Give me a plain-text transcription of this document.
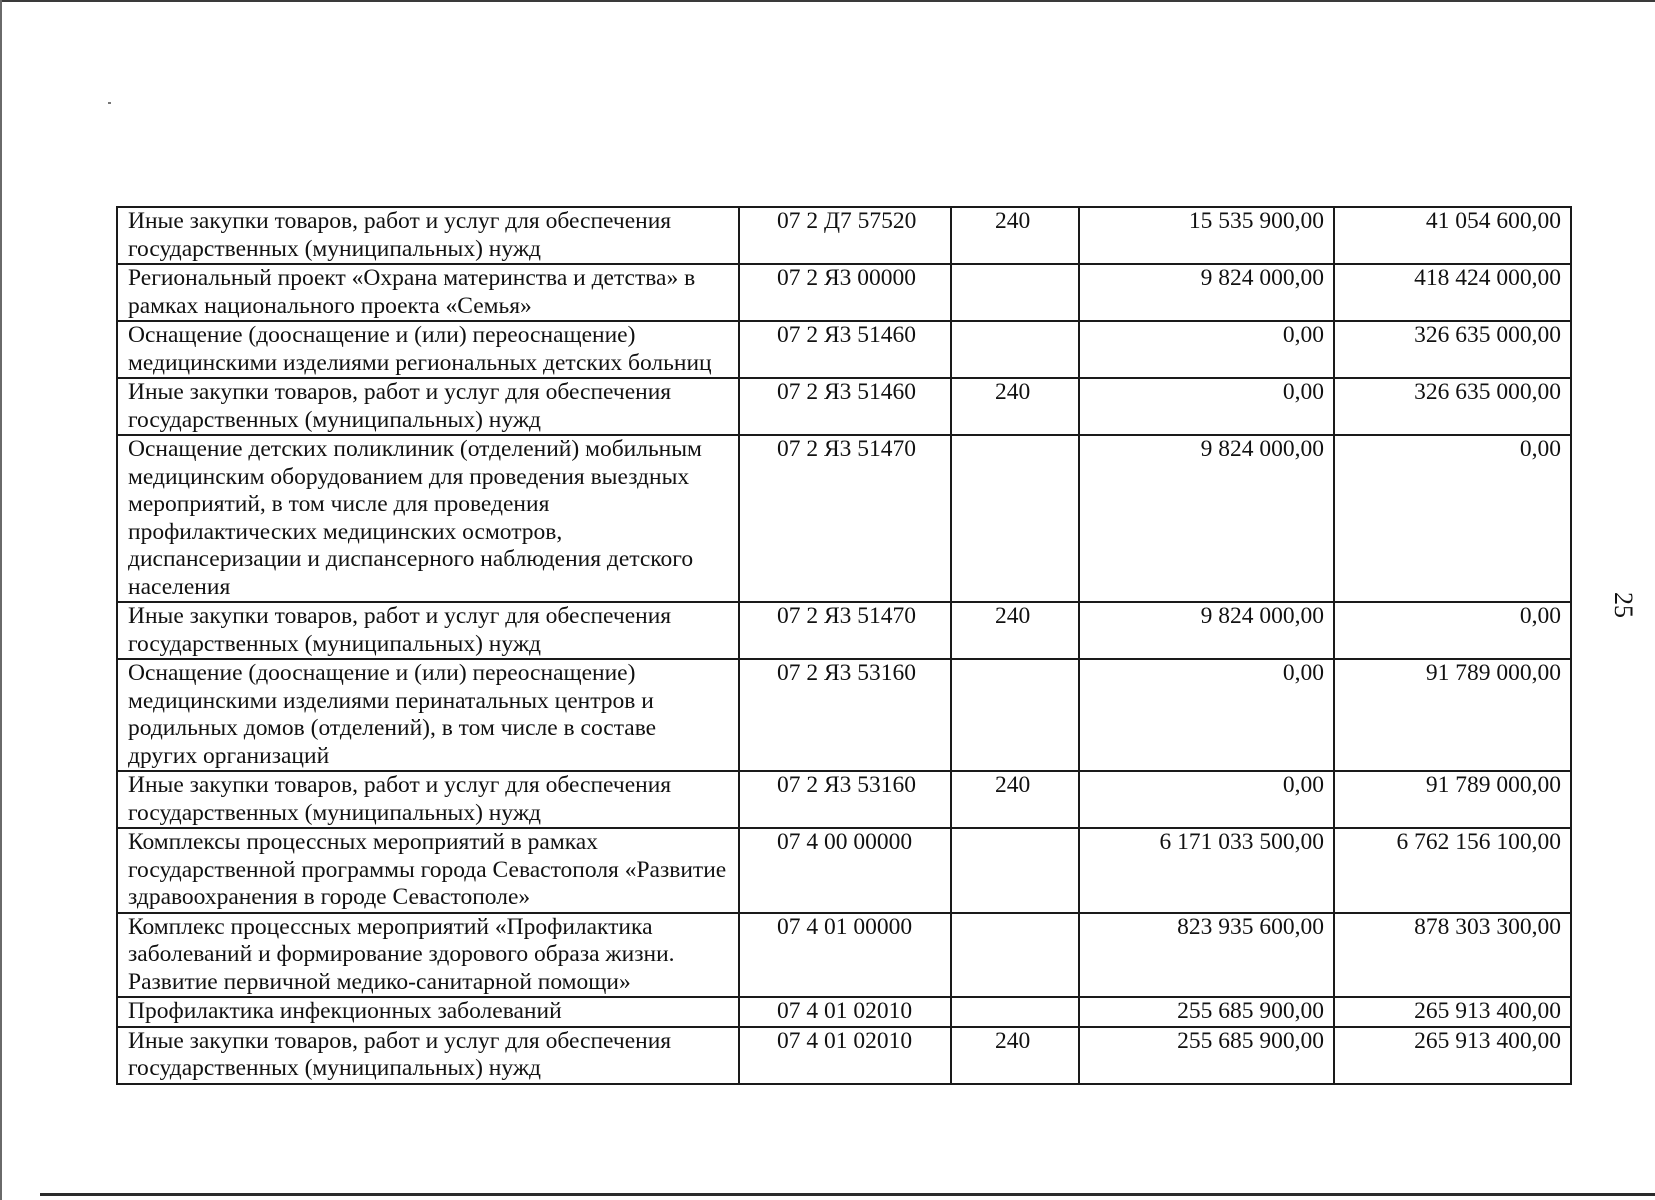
Иные закупки товаров, работ и услуг для обеспечения государственных (муниципальных) нужд	07 2 Д7 57520	240	15 535 900,00	41 054 600,00
Региональный проект «Охрана материнства и детства» в рамках национального проекта «Семья»	07 2 Я3 00000		9 824 000,00	418 424 000,00
Оснащение (дооснащение и (или) переоснащение) медицинскими изделиями региональных детских больниц	07 2 Я3 51460		0,00	326 635 000,00
Иные закупки товаров, работ и услуг для обеспечения государственных (муниципальных) нужд	07 2 Я3 51460	240	0,00	326 635 000,00
Оснащение детских поликлиник (отделений) мобильным медицинским оборудованием для проведения выездных мероприятий, в том числе для проведения профилактических медицинских осмотров, диспансеризации и диспансерного наблюдения детского населения	07 2 Я3 51470		9 824 000,00	0,00
Иные закупки товаров, работ и услуг для обеспечения государственных (муниципальных) нужд	07 2 Я3 51470	240	9 824 000,00	0,00
Оснащение (дооснащение и (или) переоснащение) медицинскими изделиями перинатальных центров и родильных домов (отделений), в том числе в составе других организаций	07 2 Я3 53160		0,00	91 789 000,00
Иные закупки товаров, работ и услуг для обеспечения государственных (муниципальных) нужд	07 2 Я3 53160	240	0,00	91 789 000,00
Комплексы процессных мероприятий в рамках государственной программы города Севастополя «Развитие здравоохранения в городе Севастополе»	07 4 00 00000		6 171 033 500,00	6 762 156 100,00
Комплекс процессных мероприятий «Профилактика заболеваний и формирование здорового образа жизни. Развитие первичной медико-санитарной помощи»	07 4 01 00000		823 935 600,00	878 303 300,00
Профилактика инфекционных заболеваний	07 4 01 02010		255 685 900,00	265 913 400,00
Иные закупки товаров, работ и услуг для обеспечения государственных (муниципальных) нужд	07 4 01 02010	240	255 685 900,00	265 913 400,00
25
